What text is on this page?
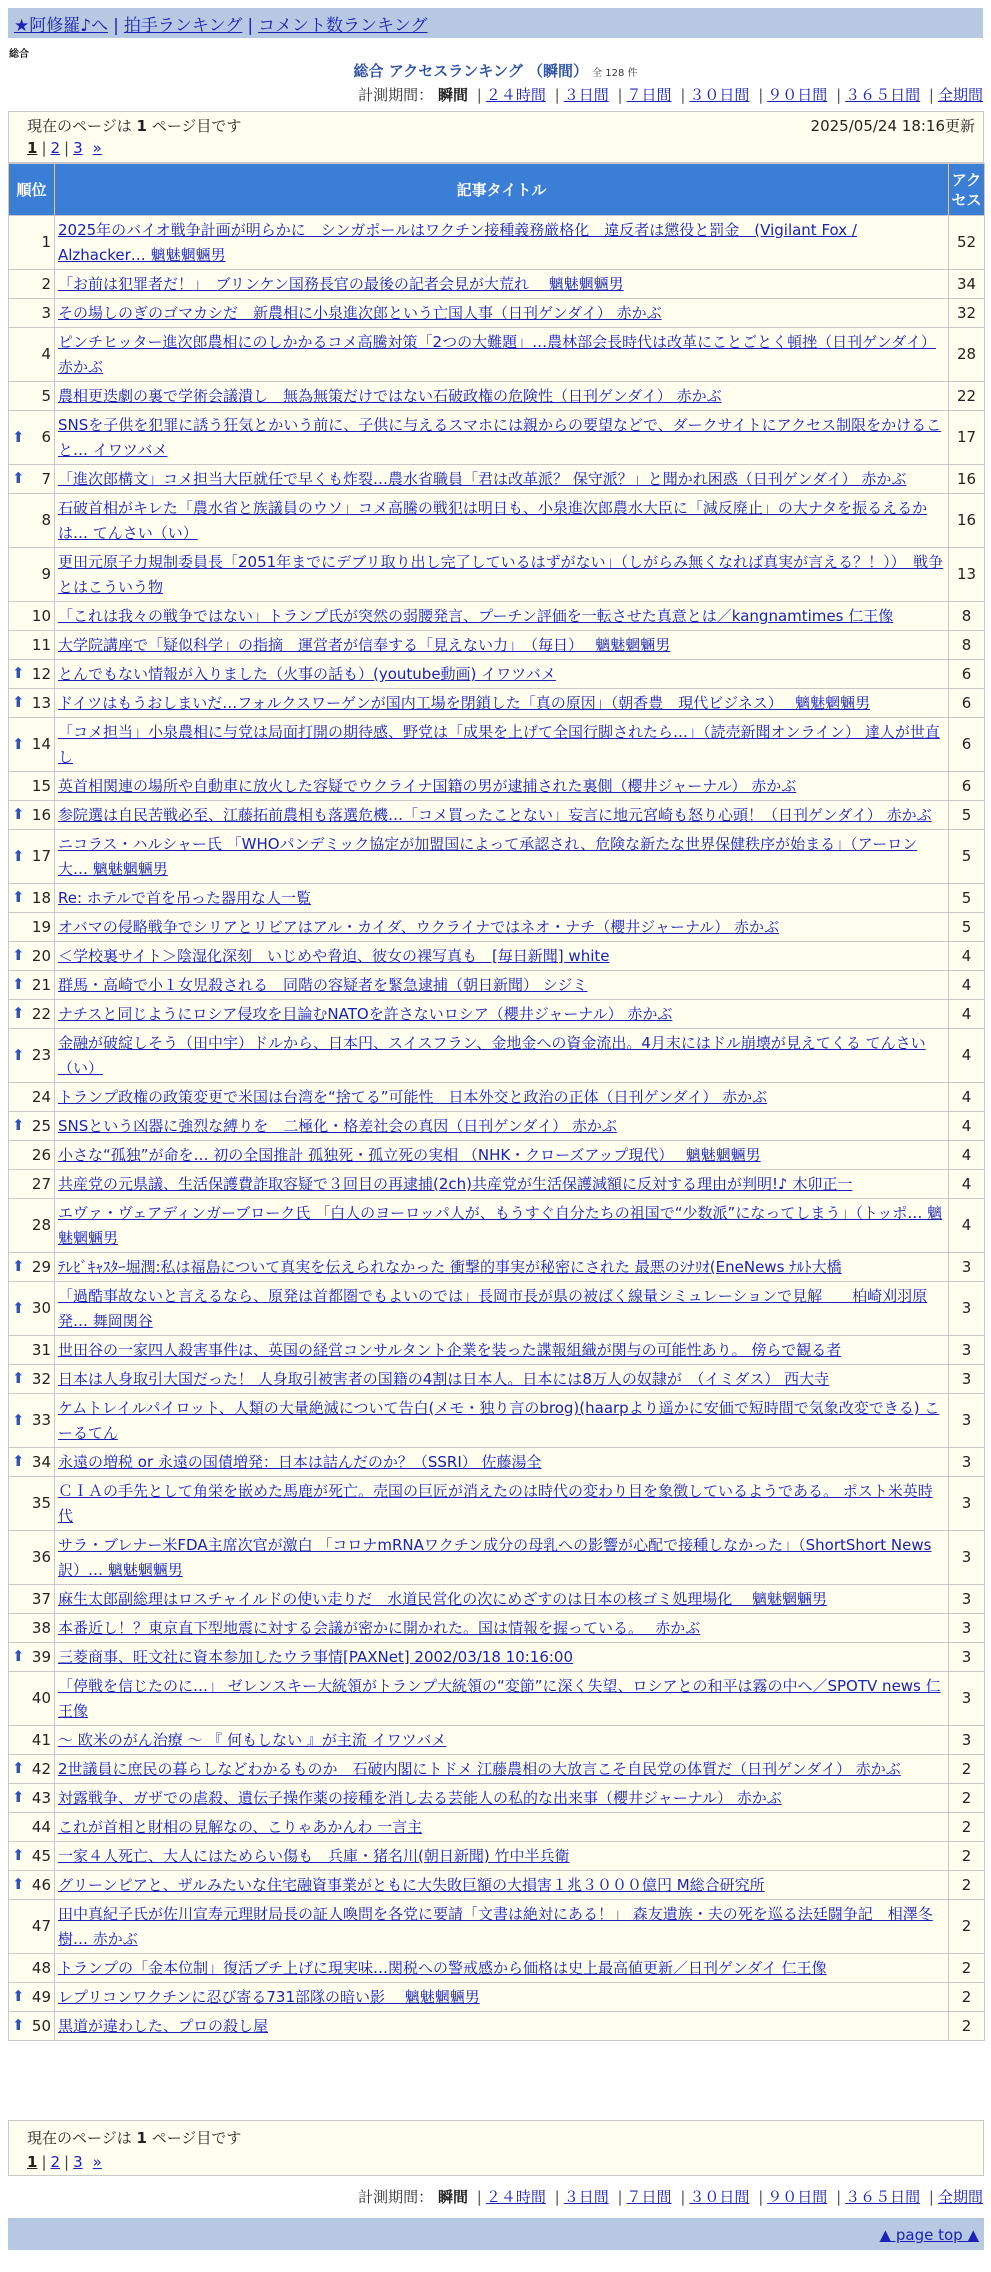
★阿修羅♪へ | 拍手ランキング | コメント数ランキング
総合
総合 アクセスランキング （瞬間） 全 128 件
計測期間： 瞬間 | ２４時間 | ３日間 | ７日間 | ３０日間 | ９０日間 | ３６５日間 | 全期間
現在のページは 1 ページ目です	2025/05/24 18:16更新
1 | 2 | 3 »
順位	記事タイトル	アクセス
1	2025年のバイオ戦争計画が明らかに　シンガポールはワクチン接種義務厳格化　違反者は懲役と罰金　(Vigilant Fox / Alzhacker… 魑魅魍魎男	52
2	「お前は犯罪者だ！」　ブリンケン国務長官の最後の記者会見が大荒れ　 魑魅魍魎男	34
3	その場しのぎのゴマカシだ　新農相に小泉進次郎という亡国人事（日刊ゲンダイ） 赤かぶ	32
4	ピンチヒッター進次郎農相にのしかかるコメ高騰対策「2つの大難題」…農林部会長時代は改革にことごとく頓挫（日刊ゲンダイ） 赤かぶ	28
5	農相更迭劇の裏で学術会議潰し　無為無策だけではない石破政権の危険性（日刊ゲンダイ） 赤かぶ	22

⬆ 6	SNSを子供を犯罪に誘う狂気とかいう前に、子供に与えるスマホには親からの要望などで、ダークサイトにアクセス制限をかけること… イワツバメ	17

⬆ 7	「進次郎構文」コメ担当大臣就任で早くも炸裂…農水省職員「君は改革派？ 保守派？」と聞かれ困惑（日刊ゲンダイ） 赤かぶ	16
8	石破首相がキレた「農水省と族議員のウソ」コメ高騰の戦犯は明日も、小泉進次郎農水大臣に「減反廃止」の大ナタを振るえるかは… てんさい（い）	16
9	更田元原子力規制委員長「2051年までにデブリ取り出し完了しているはずがない」（しがらみ無くなれば真実が言える？！））　戦争とはこういう物	13
10	「これは我々の戦争ではない」トランプ氏が突然の弱腰発言、プーチン評価を一転させた真意とは／kangnamtimes 仁王像	8
11	大学院講座で「疑似科学」の指摘　運営者が信奉する「見えない力」　（毎日）　 魑魅魍魎男	8

⬆ 12	とんでもない情報が入りました（火事の話も）(youtube動画) イワツバメ	6

⬆ 13	ドイツはもうおしまいだ…フォルクスワーゲンが国内工場を閉鎖した「真の原因」（朝香豊　現代ビジネス）　 魑魅魍魎男	6

⬆ 14	「コメ担当」小泉農相に与党は局面打開の期待感、野党は「成果を上げて全国行脚されたら…」（読売新聞オンライン） 達人が世直し	6
15	英首相関連の場所や自動車に放火した容疑でウクライナ国籍の男が逮捕された裏側（櫻井ジャーナル） 赤かぶ	6

⬆ 16	参院選は自民苦戦必至、江藤拓前農相も落選危機…「コメ買ったことない」妄言に地元宮崎も怒り心頭！（日刊ゲンダイ） 赤かぶ	5

⬆ 17	ニコラス・ハルシャー氏 「WHOパンデミック協定が加盟国によって承認され、危険な新たな世界保健秩序が始まる」（アーロン大… 魑魅魍魎男	5

⬆ 18	Re: ホテルで首を吊った器用な人一覧	5
19	オバマの侵略戦争でシリアとリビアはアル・カイダ、ウクライナではネオ・ナチ（櫻井ジャーナル） 赤かぶ	5

⬆ 20	＜学校裏サイト＞陰湿化深刻　いじめや脅迫、彼女の裸写真も　[毎日新聞] white	4

⬆ 21	群馬・高崎で小１女児殺される　同階の容疑者を緊急逮捕（朝日新聞） シジミ	4

⬆ 22	ナチスと同じようにロシア侵攻を目論むNATOを許さないロシア（櫻井ジャーナル） 赤かぶ	4

⬆ 23	金融が破綻しそう（田中宇）ドルから、日本円、スイスフラン、金地金への資金流出。4月末にはドル崩壊が見えてくる てんさい（い）	4
24	トランプ政権の政策変更で米国は台湾を“捨てる”可能性　日本外交と政治の正体（日刊ゲンダイ） 赤かぶ	4

⬆ 25	SNSという凶器に強烈な縛りを　二極化・格差社会の真因（日刊ゲンダイ） 赤かぶ	4
26	小さな“孤独”が命を… 初の全国推計 孤独死・孤立死の実相 （NHK・クローズアップ現代）　 魑魅魍魎男	4
27	共産党の元県議、生活保護費詐取容疑で３回目の再逮捕(2ch)共産党が生活保護減額に反対する理由が判明!♪ 木卯正一	4
28	エヴァ・ヴェアディンガーブローク氏 「白人のヨーロッパ人が、もうすぐ自分たちの祖国で“少数派”になってしまう」（トッポ… 魑魅魍魎男	4

⬆ 29	ﾃﾚﾋﾞｷｬｽﾀｰ堀潤:私は福島について真実を伝えられなかった 衝撃的事実が秘密にされた 最悪のｼﾅﾘｵ(EneNews ﾅﾙﾄ大橋	3

⬆ 30	「過酷事故ないと言えるなら、原発は首都圏でもよいのでは」長岡市長が県の被ばく線量シミュレーションで見解　　柏崎刈羽原発… 舞岡関谷	3
31	世田谷の一家四人殺害事件は、英国の経営コンサルタント企業を装った諜報組織が関与の可能性あり。 傍らで観る者	3

⬆ 32	日本は人身取引大国だった！ 人身取引被害者の国籍の4割は日本人。日本には8万人の奴隷が　（イミダス） 西大寺	3

⬆ 33	ケムトレイルパイロット、人類の大量絶滅について告白(メモ・独り言のbrog)(haarpより遥かに安価で短時間で気象改変できる) こーるてん	3

⬆ 34	永遠の増税 or 永遠の国債増発：日本は詰んだのか？（SSRI） 佐藤湯全	3
35	ＣＩＡの手先として角栄を嵌めた馬鹿が死亡。売国の巨匠が消えたのは時代の変わり目を象徴しているようである。 ポスト米英時代	3
36	サラ・ブレナー米FDA主席次官が激白 「コロナmRNAワクチン成分の母乳への影響が心配で接種しなかった」（ShortShort News訳）… 魑魅魍魎男	3
37	麻生太郎副総理はロスチャイルドの使い走りだ　水道民営化の次にめざすのは日本の核ゴミ処理場化　 魑魅魍魎男	3
38	本番近し！？東京直下型地震に対する会議が密かに開かれた。国は情報を握っている。　 赤かぶ	3

⬆ 39	三菱商事、旺文社に資本参加したウラ事情[PAXNet] 2002/03/18 10:16:00	3
40	「停戦を信じたのに…」 ゼレンスキー大統領がトランプ大統領の“変節”に深く失望、ロシアとの和平は霧の中へ／SPOTV news 仁王像	3
41	～ 欧米のがん治療 ～ 『 何もしない 』が主流 イワツバメ	3

⬆ 42	2世議員に庶民の暮らしなどわかるものか　石破内閣にトドメ 江藤農相の大放言こそ自民党の体質だ（日刊ゲンダイ） 赤かぶ	2

⬆ 43	対露戦争、ガザでの虐殺、遺伝子操作薬の接種を消し去る芸能人の私的な出来事（櫻井ジャーナル） 赤かぶ	2
44	これが首相と財相の見解なの、こりゃあかんわ 一言主	2

⬆ 45	一家４人死亡、大人にはためらい傷も　兵庫・猪名川(朝日新聞) 竹中半兵衛	2

⬆ 46	グリーンピアと、ザルみたいな住宅融資事業がともに大失敗巨額の大損害１兆３０００億円 M総合研究所	2
47	田中真紀子氏が佐川宣寿元理財局長の証人喚問を各党に要請「文書は絶対にある！」 森友遺族・夫の死を巡る法廷闘争記　相澤冬樹… 赤かぶ	2
48	トランプの「金本位制」復活ブチ上げに現実味…関税への警戒感から価格は史上最高値更新／日刊ゲンダイ 仁王像	2

⬆ 49	レプリコンワクチンに忍び寄る731部隊の暗い影　 魑魅魍魎男	2

⬆ 50	黒道が違わした、プロの殺し屋	2
現在のページは 1 ページ目です
1 | 2 | 3 »
計測期間： 瞬間 | ２４時間 | ３日間 | ７日間 | ３０日間 | ９０日間 | ３６５日間 | 全期間
▲ page top ▲
